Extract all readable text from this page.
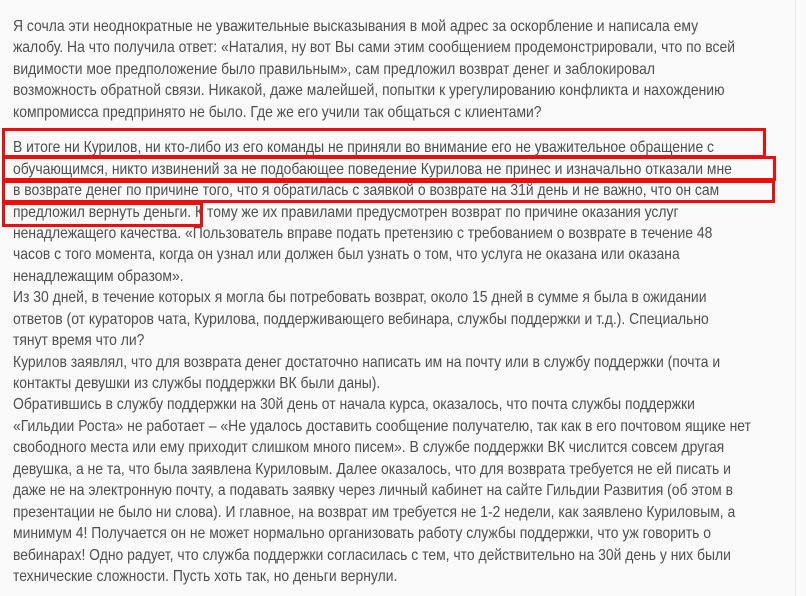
Я сочла эти неоднократные не уважительные высказывания в мой адрес за оскорбление и написала ему
жалобу. На что получила ответ: «Наталия, ну вот Вы сами этим сообщением продемонстрировали, что по всей
видимости мое предположение было правильным», сам предложил возврат денег и заблокировал
возможность обратной связи. Никакой, даже малейшей, попытки к урегулированию конфликта и нахождению
компромисса предпринято не было. Где же его учили так общаться с клиентами?
В итоге ни Курилов, ни кто-либо из его команды не приняли во внимание его не уважительное обращение с
обучающимся, никто извинений за не подобающее поведение Курилова не принес и изначально отказали мне
в возврате денег по причине того, что я обратилась с заявкой о возврате на 31й день и не важно, что он сам
предложил вернуть деньги. К тому же их правилами предусмотрен возврат по причине оказания услуг
ненадлежащего качества. «Пользователь вправе подать претензию с требованием о возврате в течение 48
часов с того момента, когда он узнал или должен был узнать о том, что услуга не оказана или оказана
ненадлежащим образом».
Из 30 дней, в течение которых я могла бы потребовать возврат, около 15 дней в сумме я была в ожидании
ответов (от кураторов чата, Курилова, поддерживающего вебинара, службы поддержки и т.д.). Специально
тянут время что ли?
Курилов заявлял, что для возврата денег достаточно написать им на почту или в службу поддержки (почта и
контакты девушки из службы поддержки ВК были даны).
Обратившись в службу поддержки на 30й день от начала курса, оказалось, что почта службы поддержки
«Гильдии Роста» не работает – «Не удалось доставить сообщение получателю, так как в его почтовом ящике нет
свободного места или ему приходит слишком много писем». В службе поддержки ВК числится совсем другая
девушка, а не та, что была заявлена Куриловым. Далее оказалось, что для возврата требуется не ей писать и
даже не на электронную почту, а подавать заявку через личный кабинет на сайте Гильдии Развития (об этом в
презентации не было ни слова). И главное, на возврат им требуется не 1-2 недели, как заявлено Куриловым, а
минимум 4! Получается он не может нормально организовать работу службы поддержки, что уж говорить о
вебинарах! Одно радует, что служба поддержки согласилась с тем, что действительно на 30й день у них были
технические сложности. Пусть хоть так, но деньги вернули.
